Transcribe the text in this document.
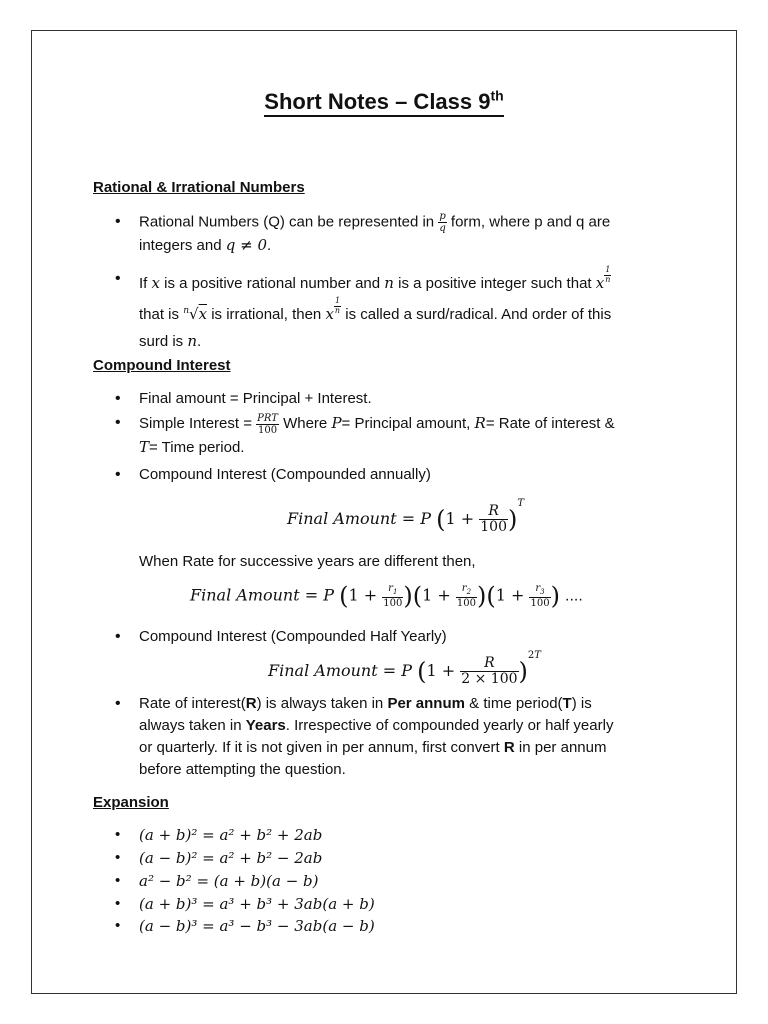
Short Notes – Class 9th
Rational & Irrational Numbers
• Rational Numbers (Q) can be represented in $\frac{p}{q}$ form, where p and q are
integers and q ≠ 0.
• If x is a positive rational number and n is a positive integer such that x $\frac{1}{n}$

that is $^n$√x is irrational, then x $\frac{1}{n}$ is called a surd/radical. And order of this
surd is n.
Compound Interest
• Final amount = Principal + Interest.
• Simple Interest = $\frac{\text{PRT}}{100}$ Where P= Principal amount, R= Rate of interest &
T= Time period.
• Compound Interest (Compounded annually)
Final Amount = P $(1 + \frac{R}{100} )^T$
When Rate for successive years are different then,
Final Amount = P $(1 + \frac{r_1}{100} )(1 + \frac{r_2}{100} )(1 + \frac{r_3}{100}$ ) ....
• Compound Interest (Compounded Half Yearly)
Final Amount = P $(1 + \frac{R}{2 \times 100} )^{2T}$
• Rate of interest(R) is always taken in Per annum & time period(T) is
always taken in Years. Irrespective of compounded yearly or half yearly
or quarterly. If it is not given in per annum, first convert R in per annum
before attempting the question.
Expansion
• (a + b)² = a² + b² + 2ab
• (a − b)² = a² + b² − 2ab
• a² − b² = (a + b)(a − b)
• (a + b)³ = a³ + b³ + 3ab(a + b)
• (a − b)³ = a³ − b³ − 3ab(a − b)
